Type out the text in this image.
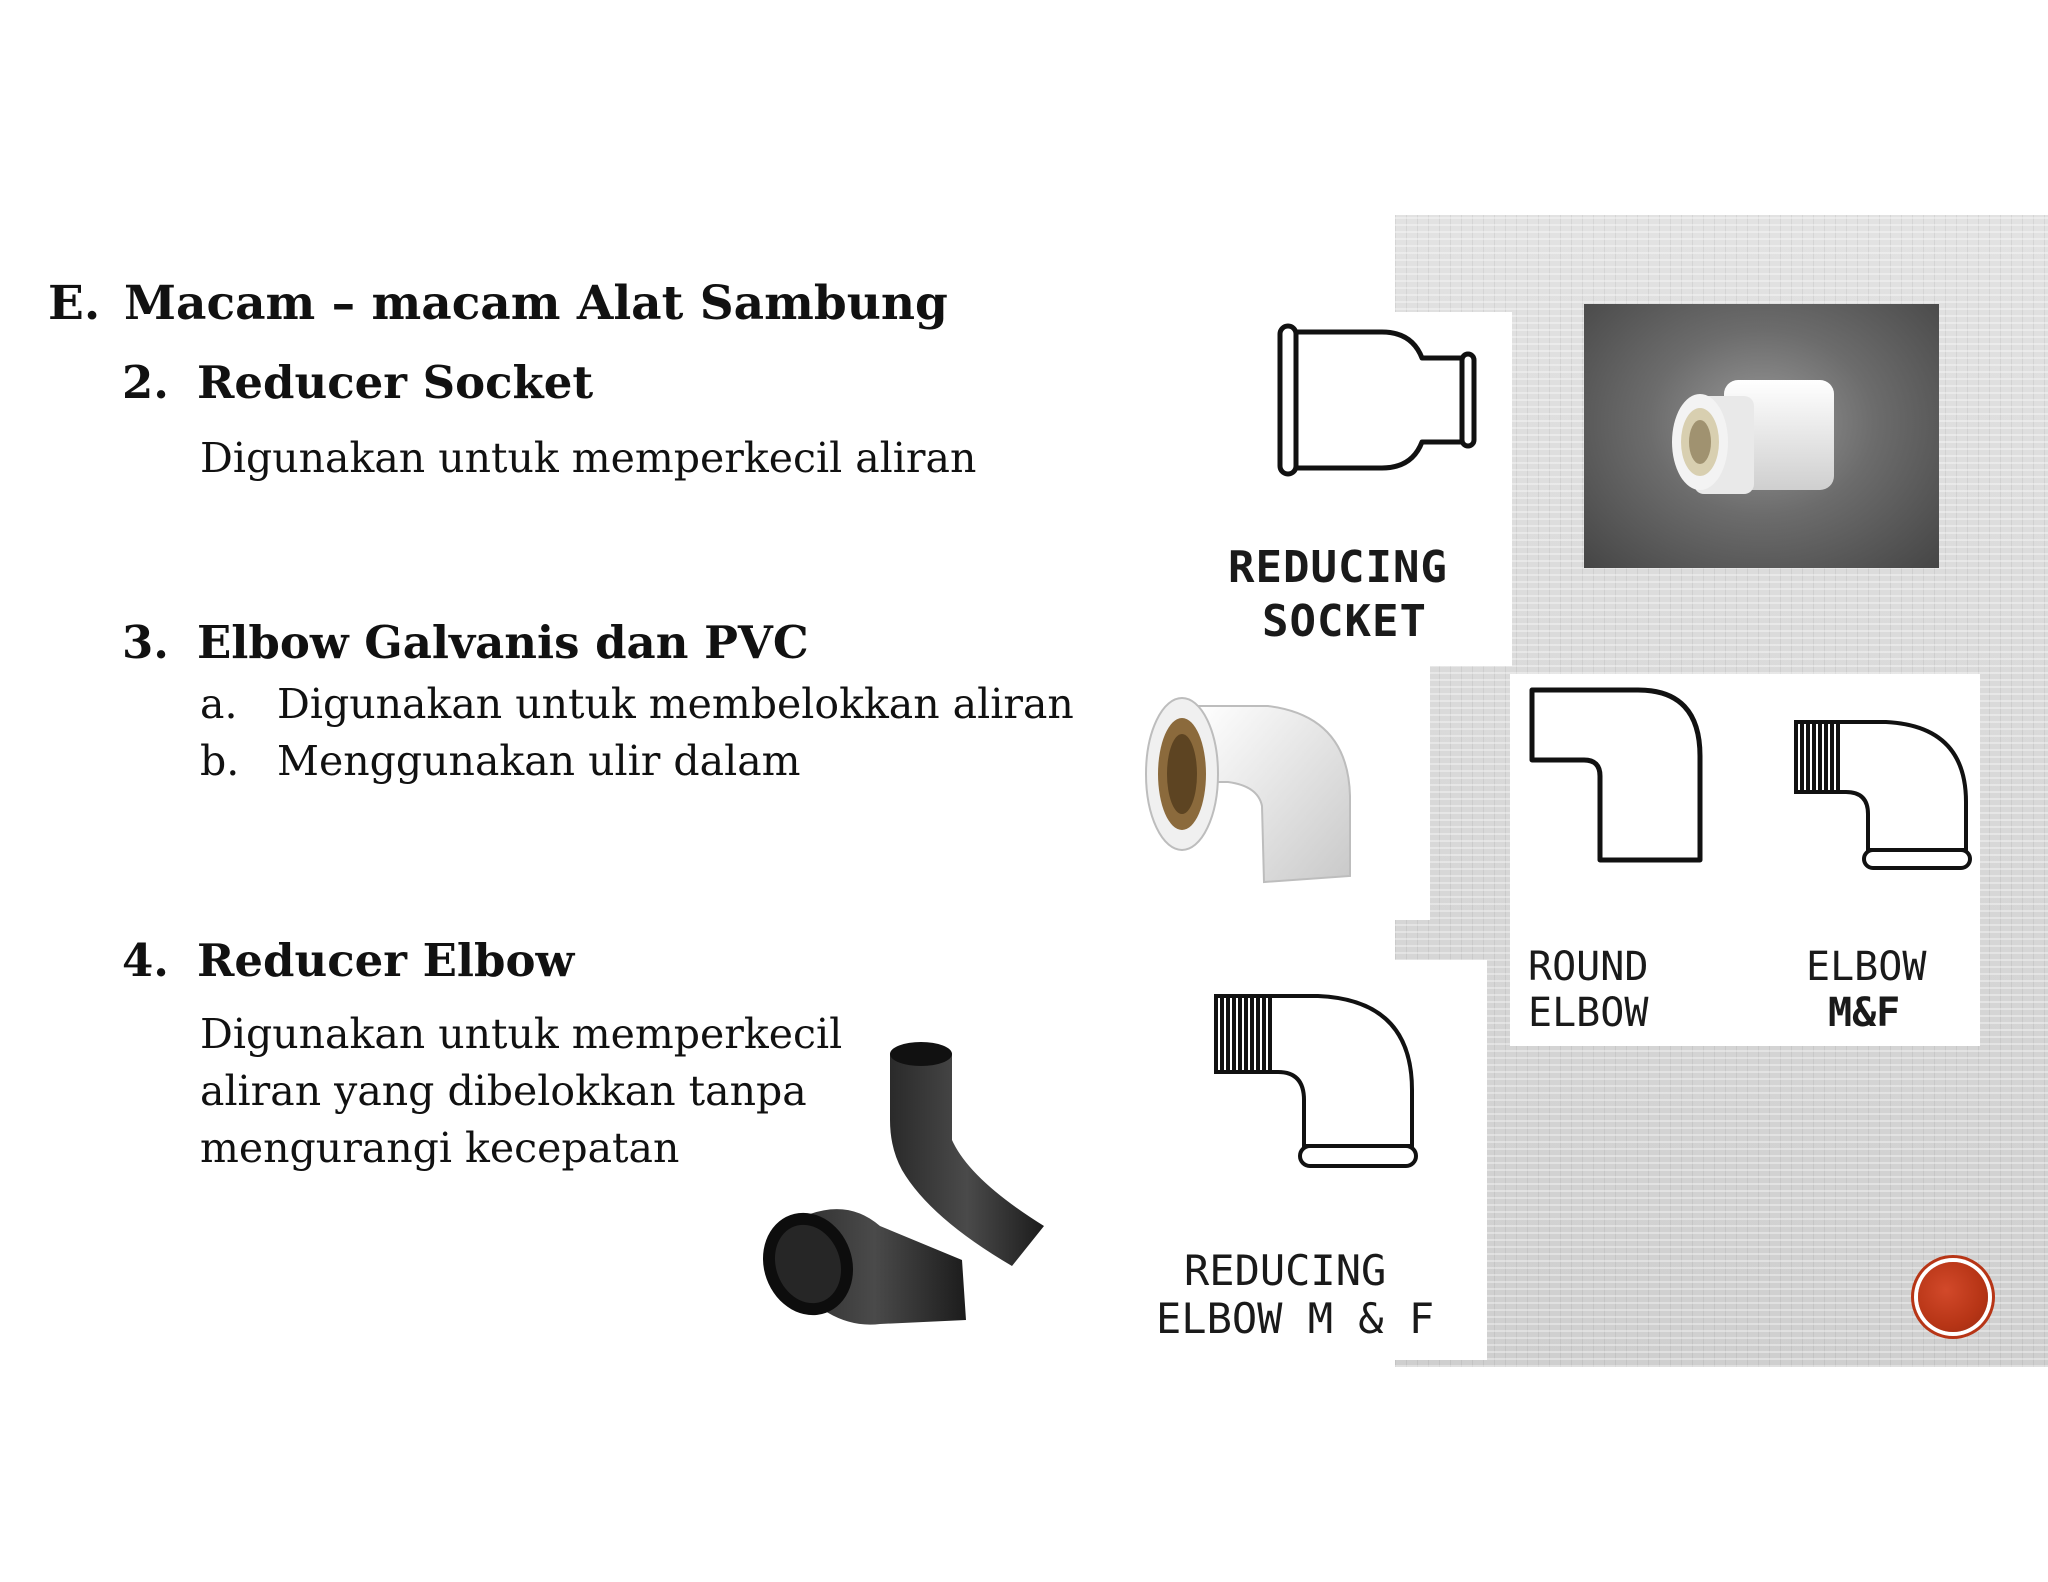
E. Macam – macam Alat Sambung
2. Reducer Socket
Digunakan untuk memperkecil aliran
3. Elbow Galvanis dan PVC
a. Digunakan untuk membelokkan aliran
b. Menggunakan ulir dalam
4. Reducer Elbow
Digunakan untuk memperkecil
aliran yang dibelokkan tanpa
mengurangi kecepatan
REDUCING
SOCKET
ROUND
ELBOW
ELBOW
M&F
REDUCING
ELBOW M & F
